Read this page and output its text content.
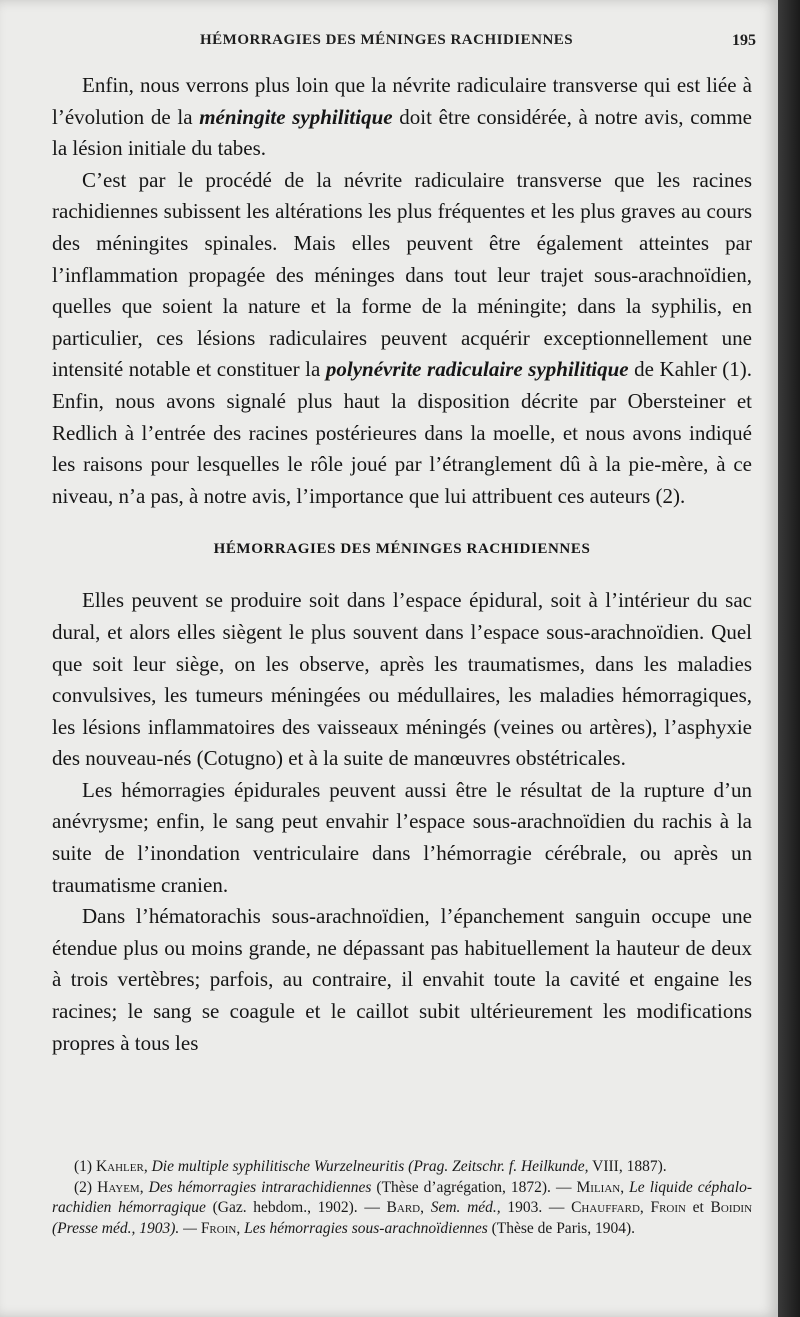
HÉMORRAGIES DES MÉNINGES RACHIDIENNES	195

Enfin, nous verrons plus loin que la névrite radiculaire transverse qui est liée à l’évolution de la méningite syphilitique doit être considérée, à notre avis, comme la lésion initiale du tabes.

C’est par le procédé de la névrite radiculaire transverse que les racines rachidiennes subissent les altérations les plus fréquentes et les plus graves au cours des méningites spinales. Mais elles peuvent être également atteintes par l’inflammation propagée des méninges dans tout leur trajet sous-arachnoïdien, quelles que soient la nature et la forme de la méningite; dans la syphilis, en particulier, ces lésions radiculaires peuvent acquérir exceptionnellement une intensité notable et constituer la polynévrite radiculaire syphilitique de Kahler (1). Enfin, nous avons signalé plus haut la disposition décrite par Obersteiner et Redlich à l’entrée des racines postérieures dans la moelle, et nous avons indiqué les raisons pour lesquelles le rôle joué par l’étranglement dû à la pie-mère, à ce niveau, n’a pas, à notre avis, l’importance que lui attribuent ces auteurs (2).

HÉMORRAGIES DES MÉNINGES RACHIDIENNES

Elles peuvent se produire soit dans l’espace épidural, soit à l’intérieur du sac dural, et alors elles siègent le plus souvent dans l’espace sous-arachnoïdien. Quel que soit leur siège, on les observe, après les traumatismes, dans les maladies convulsives, les tumeurs méningées ou médullaires, les maladies hémorragiques, les lésions inflammatoires des vaisseaux méningés (veines ou artères), l’asphyxie des nouveau-nés (Cotugno) et à la suite de manœuvres obstétricales.

Les hémorragies épidurales peuvent aussi être le résultat de la rupture d’un anévrysme; enfin, le sang peut envahir l’espace sous-arachnoïdien du rachis à la suite de l’inondation ventriculaire dans l’hémorragie cérébrale, ou après un traumatisme cranien.

Dans l’hématorachis sous-arachnoïdien, l’épanchement sanguin occupe une étendue plus ou moins grande, ne dépassant pas habituellement la hauteur de deux à trois vertèbres; parfois, au contraire, il envahit toute la cavité et engaine les racines; le sang se coagule et le caillot subit ultérieurement les modifications propres à tous les

(1) Kahler, Die multiple syphilitische Wurzelneuritis (Prag. Zeitschr. f. Heilkunde, VIII, 1887).

(2) Hayem, Des hémorragies intrarachidiennes (Thèse d’agrégation, 1872). — Milian, Le liquide céphalo-rachidien hémorragique (Gaz. hebdom., 1902). — Bard, Sem. méd., 1903. — Chauffard, Froin et Boidin (Presse méd., 1903). — Froin, Les hémorragies sous-arachnoïdiennes (Thèse de Paris, 1904).
